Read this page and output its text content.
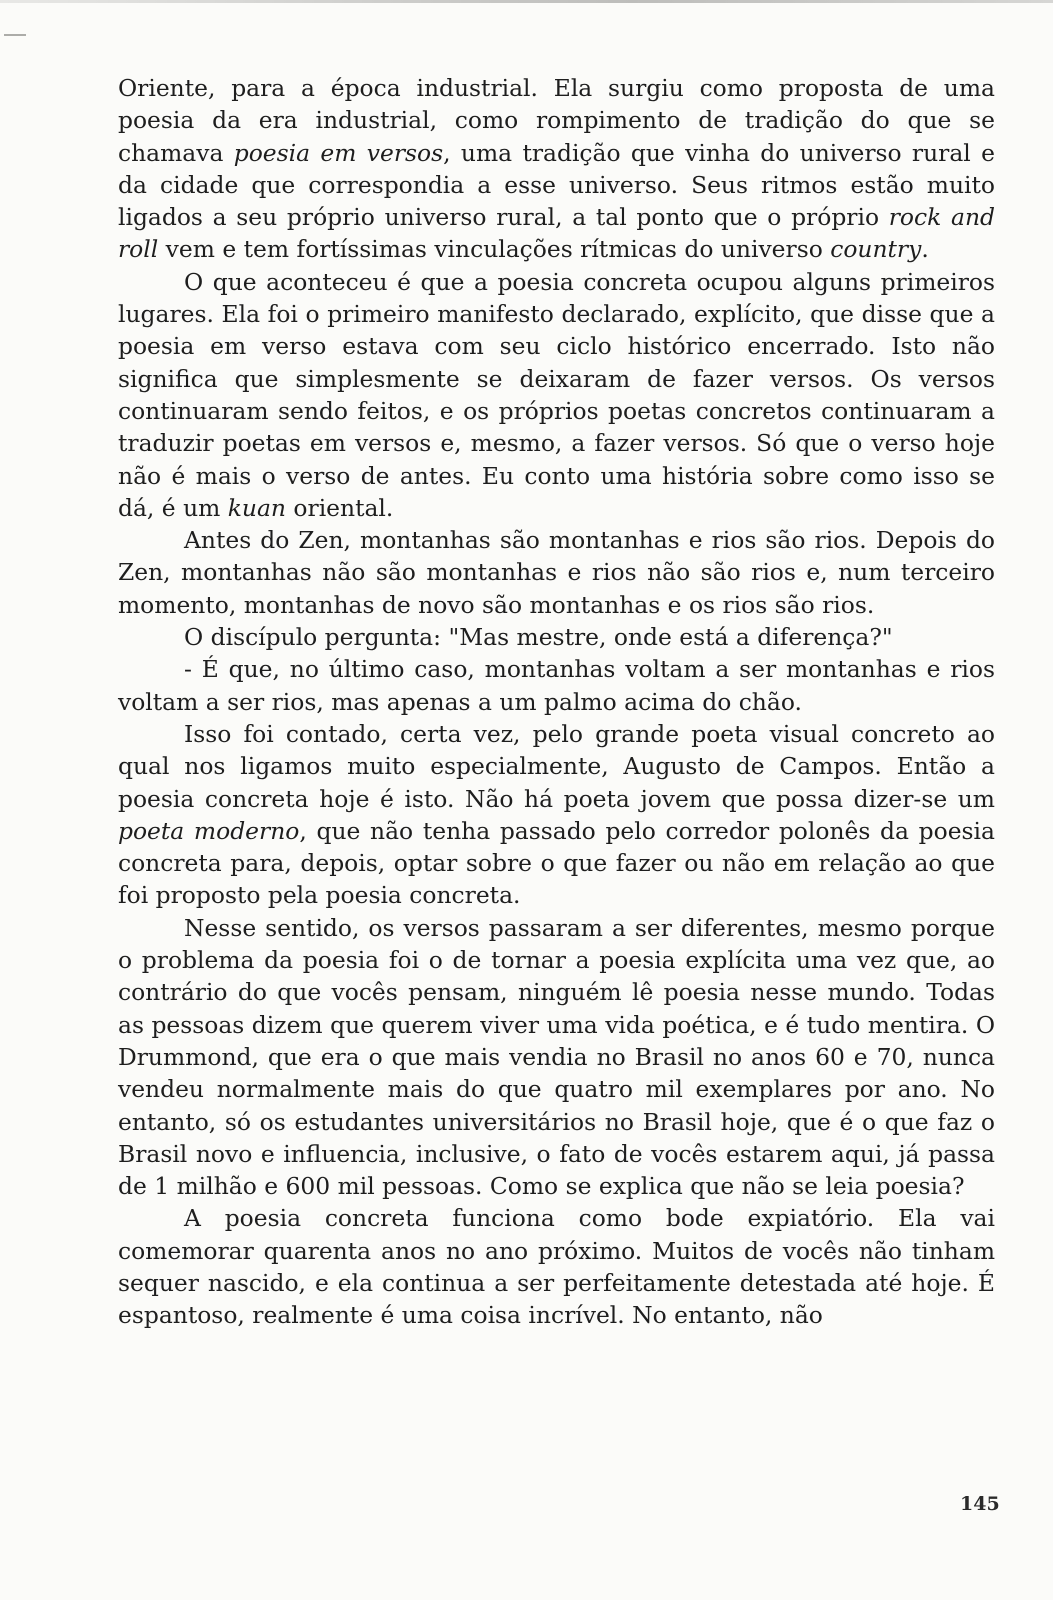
Oriente, para a época industrial. Ela surgiu como proposta de uma poesia da era industrial, como rompimento de tradição do que se chamava poesia em versos, uma tradição que vinha do universo rural e da cidade que correspondia a esse universo. Seus ritmos estão muito ligados a seu próprio universo rural, a tal ponto que o próprio rock and roll vem e tem fortíssimas vinculações rítmicas do universo country.

O que aconteceu é que a poesia concreta ocupou alguns primeiros lugares. Ela foi o primeiro manifesto declarado, explícito, que disse que a poesia em verso estava com seu ciclo histórico encerrado. Isto não significa que simplesmente se deixaram de fazer versos. Os versos continuaram sendo feitos, e os próprios poetas concretos continuaram a traduzir poetas em versos e, mesmo, a fazer versos. Só que o verso hoje não é mais o verso de antes. Eu conto uma história sobre como isso se dá, é um kuan oriental.

Antes do Zen, montanhas são montanhas e rios são rios. Depois do Zen, montanhas não são montanhas e rios não são rios e, num terceiro momento, montanhas de novo são montanhas e os rios são rios.

O discípulo pergunta: "Mas mestre, onde está a diferença?"

- É que, no último caso, montanhas voltam a ser montanhas e rios voltam a ser rios, mas apenas a um palmo acima do chão.

Isso foi contado, certa vez, pelo grande poeta visual concreto ao qual nos ligamos muito especialmente, Augusto de Campos. Então a poesia concreta hoje é isto. Não há poeta jovem que possa dizer-se um poeta moderno, que não tenha passado pelo corredor polonês da poesia concreta para, depois, optar sobre o que fazer ou não em relação ao que foi proposto pela poesia concreta.

Nesse sentido, os versos passaram a ser diferentes, mesmo porque o problema da poesia foi o de tornar a poesia explícita uma vez que, ao contrário do que vocês pensam, ninguém lê poesia nesse mundo. Todas as pessoas dizem que querem viver uma vida poética, e é tudo mentira. O Drummond, que era o que mais vendia no Brasil no anos 60 e 70, nunca vendeu normalmente mais do que quatro mil exemplares por ano. No entanto, só os estudantes universitários no Brasil hoje, que é o que faz o Brasil novo e influencia, inclusive, o fato de vocês estarem aqui, já passa de 1 milhão e 600 mil pessoas. Como se explica que não se leia poesia?

A poesia concreta funciona como bode expiatório. Ela vai comemorar quarenta anos no ano próximo. Muitos de vocês não tinham sequer nascido, e ela continua a ser perfeitamente detestada até hoje. É espantoso, realmente é uma coisa incrível. No entanto, não

145
